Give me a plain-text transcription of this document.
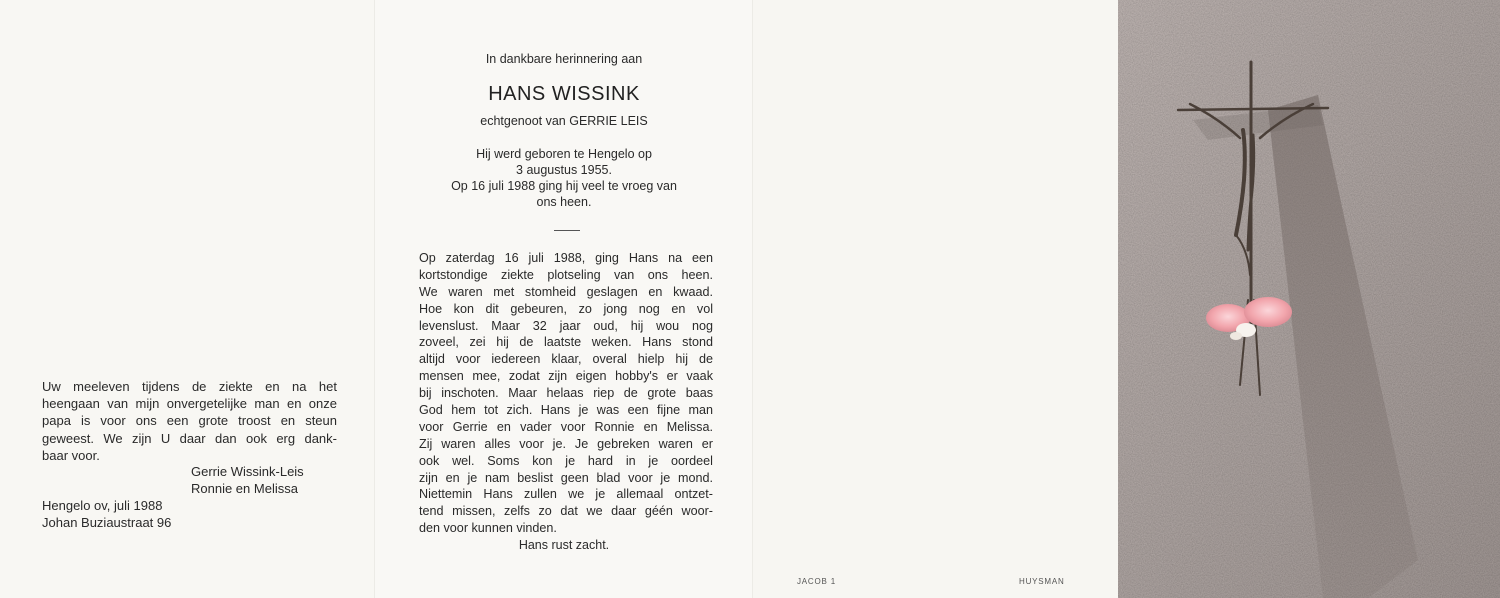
Uw meeleven tijdens de ziekte en na het
heengaan van mijn onvergetelijke man en onze
papa is voor ons een grote troost en steun
geweest. We zijn U daar dan ook erg dank-
baar voor.
Gerrie Wissink-Leis
Ronnie en Melissa
Hengelo ov, juli 1988
Johan Buziaustraat 96
In dankbare herinnering aan
HANS WISSINK
echtgenoot van GERRIE LEIS
Hij werd geboren te Hengelo op
3 augustus 1955.
Op 16 juli 1988 ging hij veel te vroeg van
ons heen.
Op zaterdag 16 juli 1988, ging Hans na een
kortstondige ziekte plotseling van ons heen.
We waren met stomheid geslagen en kwaad.
Hoe kon dit gebeuren, zo jong nog en vol
levenslust. Maar 32 jaar oud, hij wou nog
zoveel, zei hij de laatste weken. Hans stond
altijd voor iedereen klaar, overal hielp hij de
mensen mee, zodat zijn eigen hobby's er vaak
bij inschoten. Maar helaas riep de grote baas
God hem tot zich. Hans je was een fijne man
voor Gerrie en vader voor Ronnie en Melissa.
Zij waren alles voor je. Je gebreken waren er
ook wel. Soms kon je hard in je oordeel
zijn en je nam beslist geen blad voor je mond.
Niettemin Hans zullen we je allemaal ontzet-
tend missen, zelfs zo dat we daar géén woor-
den voor kunnen vinden.
Hans rust zacht.
JACOB 1	HUYSMAN
